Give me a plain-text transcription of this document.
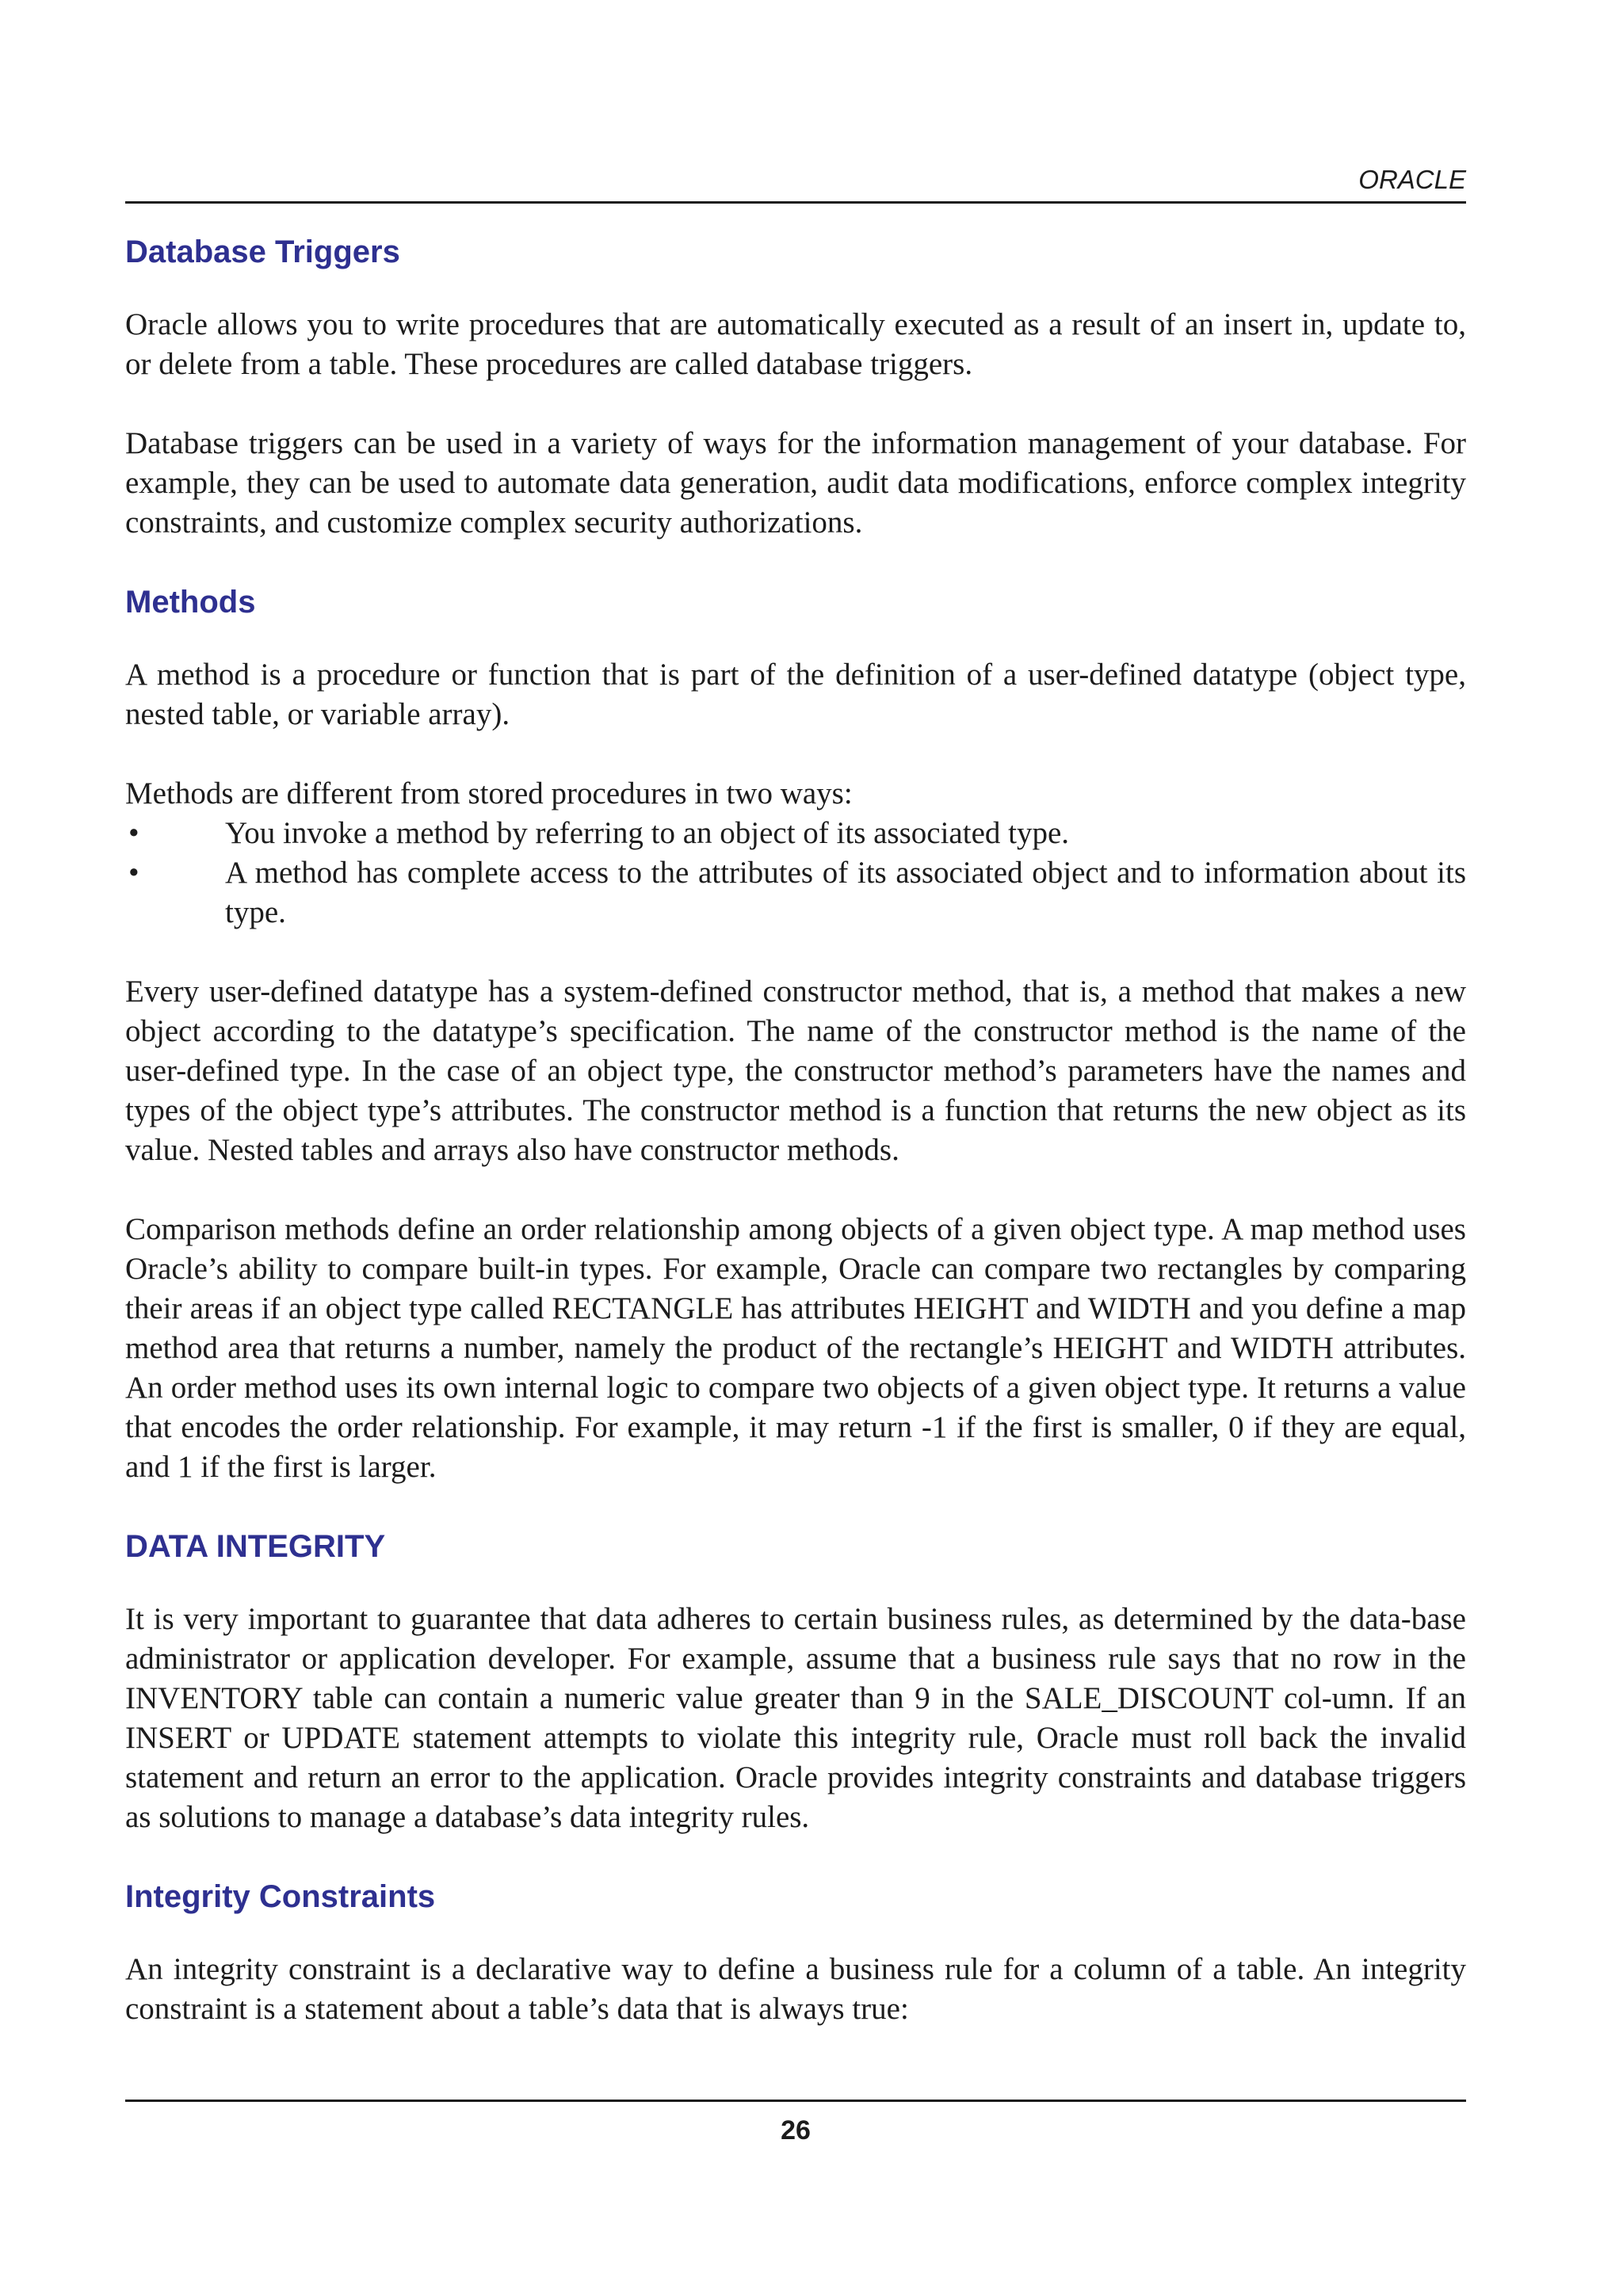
ORACLE
Database Triggers

Oracle allows you to write procedures that are automatically executed as a result of an insert in, update to, or delete from a table. These procedures are called database triggers.

Database triggers can be used in a variety of ways for the information management of your database. For example, they can be used to automate data generation, audit data modifications, enforce complex integrity constraints, and customize complex security authorizations.

Methods

A method is a procedure or function that is part of the definition of a user-defined datatype (object type, nested table, or variable array).

Methods are different from stored procedures in two ways:

•	You invoke a method by referring to an object of its associated type.
•	A method has complete access to the attributes of its associated object and to information about its type.

Every user-defined datatype has a system-defined constructor method, that is, a method that makes a new object according to the datatype’s specification. The name of the constructor method is the name of the user-defined type. In the case of an object type, the constructor method’s parameters have the names and types of the object type’s attributes. The constructor method is a function that returns the new object as its value. Nested tables and arrays also have constructor methods.

Comparison methods define an order relationship among objects of a given object type. A map method uses Oracle’s ability to compare built-in types. For example, Oracle can compare two rectangles by comparing their areas if an object type called RECTANGLE has attributes HEIGHT and WIDTH and you define a map method area that returns a number, namely the product of the rectangle’s HEIGHT and WIDTH attributes. An order method uses its own internal logic to compare two objects of a given object type. It returns a value that encodes the order relationship. For example, it may return -1 if the first is smaller, 0 if they are equal, and 1 if the first is larger.

DATA INTEGRITY

It is very important to guarantee that data adheres to certain business rules, as determined by the data-base administrator or application developer. For example, assume that a business rule says that no row in the INVENTORY table can contain a numeric value greater than 9 in the SALE_DISCOUNT col-umn. If an INSERT or UPDATE statement attempts to violate this integrity rule, Oracle must roll back the invalid statement and return an error to the application. Oracle provides integrity constraints and database triggers as solutions to manage a database’s data integrity rules.

Integrity Constraints

An integrity constraint is a declarative way to define a business rule for a column of a table. An integrity constraint is a statement about a table’s data that is always true:

26
